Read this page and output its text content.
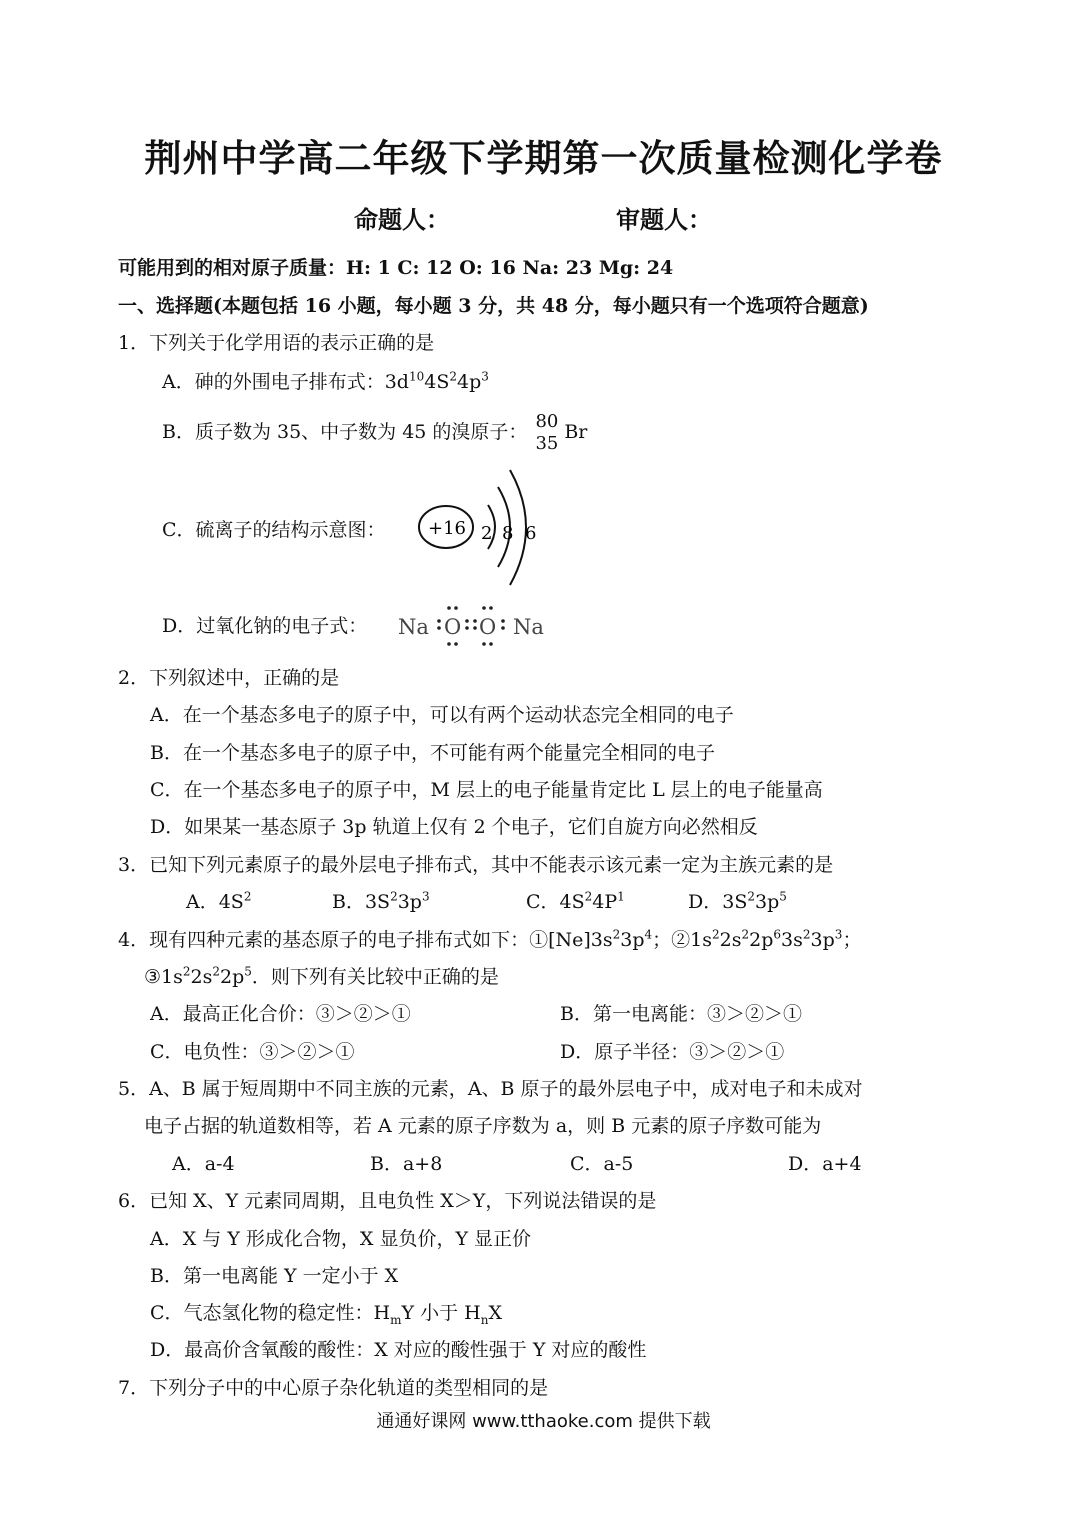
荆州中学高二年级下学期第一次质量检测化学卷
命题人：	审题人：
可能用到的相对原子质量：H: 1 C: 12 O: 16 Na: 23 Mg: 24
一、选择题(本题包括 16 小题，每小题 3 分，共 48 分，每小题只有一个选项符合题意)
1．下列关于化学用语的表示正确的是
A．砷的外围电子排布式：$3d^{10}4S^24p^3$
B．质子数为 35、中子数为 45 的溴原子： 80
35
Br
C．硫离子的结构示意图： +16 2 8 6
D．过氧化钠的电子式： Na O O Na
2．下列叙述中，正确的是
A．在一个基态多电子的原子中，可以有两个运动状态完全相同的电子
B．在一个基态多电子的原子中，不可能有两个能量完全相同的电子
C．在一个基态多电子的原子中，M 层上的电子能量肯定比 L 层上的电子能量高
D．如果某一基态原子 3p 轨道上仅有 2 个电子，它们自旋方向必然相反
3．已知下列元素原子的最外层电子排布式，其中不能表示该元素一定为主族元素的是
A．$4S^2$	B．$3S^23p^3$	C．$4S^24P^1$	D．$3S^23p^5$
4．现有四种元素的基态原子的电子排布式如下：$①[Ne]3s^23p^4$；$②1s^22s^22p^63s^23p^3$；
$③1s^22s^22p^5$．则下列有关比较中正确的是
A．最高正化合价：③＞②＞①	B．第一电离能：③＞②＞①
C．电负性：③＞②＞①	D．原子半径：③＞②＞①
5．A、B 属于短周期中不同主族的元素，A、B 原子的最外层电子中，成对电子和未成对
电子占据的轨道数相等，若 A 元素的原子序数为 a，则 B 元素的原子序数可能为
A．a-4	B．a+8	C．a-5	D．a+4
6．已知 X、Y 元素同周期，且电负性 X＞Y，下列说法错误的是
A．X 与 Y 形成化合物，X 显负价，Y 显正价
B．第一电离能 Y 一定小于 X
C．气态氢化物的稳定性：$H_mY$ 小于 $H_nX$
D．最高价含氧酸的酸性：X 对应的酸性强于 Y 对应的酸性
7．下列分子中的中心原子杂化轨道的类型相同的是
通通好课网 www.tthaoke.com 提供下载
